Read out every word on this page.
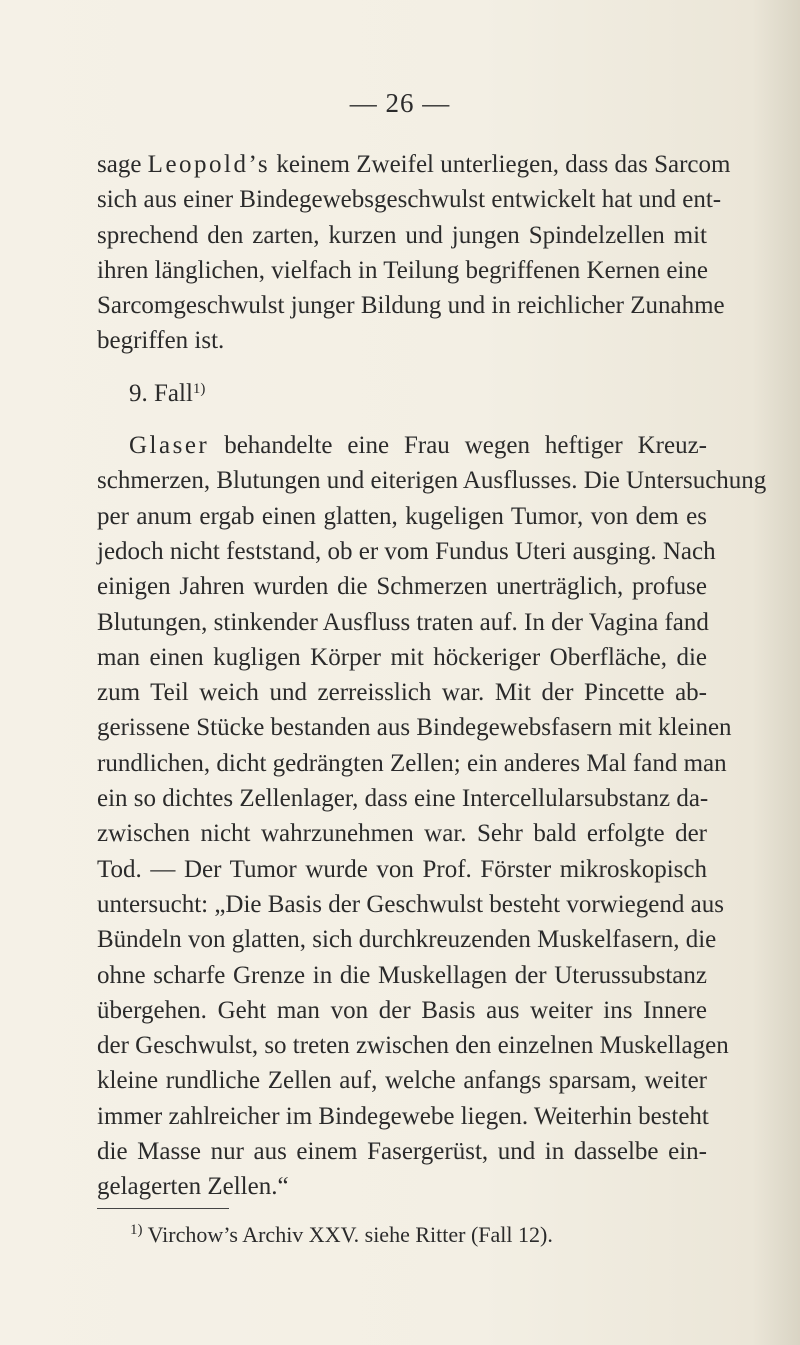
— 26 —
sage Leopold’s keinem Zweifel unterliegen, dass das Sarcom
sich aus einer Bindegewebsgeschwulst entwickelt hat und ent-
sprechend den zarten, kurzen und jungen Spindelzellen mit
ihren länglichen, vielfach in Teilung begriffenen Kernen eine
Sarcomgeschwulst junger Bildung und in reichlicher Zunahme
begriffen ist.
9. Fall$^{1)}$
Glaser behandelte eine Frau wegen heftiger Kreuz-
schmerzen, Blutungen und eiterigen Ausflusses. Die Untersuchung
per anum ergab einen glatten, kugeligen Tumor, von dem es
jedoch nicht feststand, ob er vom Fundus Uteri ausging. Nach
einigen Jahren wurden die Schmerzen unerträglich, profuse
Blutungen, stinkender Ausfluss traten auf. In der Vagina fand
man einen kugligen Körper mit höckeriger Oberfläche, die
zum Teil weich und zerreisslich war. Mit der Pincette ab-
gerissene Stücke bestanden aus Bindegewebsfasern mit kleinen
rundlichen, dicht gedrängten Zellen; ein anderes Mal fand man
ein so dichtes Zellenlager, dass eine Intercellularsubstanz da-
zwischen nicht wahrzunehmen war. Sehr bald erfolgte der
Tod. — Der Tumor wurde von Prof. Förster mikroskopisch
untersucht: „Die Basis der Geschwulst besteht vorwiegend aus
Bündeln von glatten, sich durchkreuzenden Muskelfasern, die
ohne scharfe Grenze in die Muskellagen der Uterussubstanz
übergehen. Geht man von der Basis aus weiter ins Innere
der Geschwulst, so treten zwischen den einzelnen Muskellagen
kleine rundliche Zellen auf, welche anfangs sparsam, weiter
immer zahlreicher im Bindegewebe liegen. Weiterhin besteht
die Masse nur aus einem Fasergerüst, und in dasselbe ein-
gelagerten Zellen.“
$^{1)}$ Virchow’s Archiv XXV. siehe Ritter (Fall 12).
